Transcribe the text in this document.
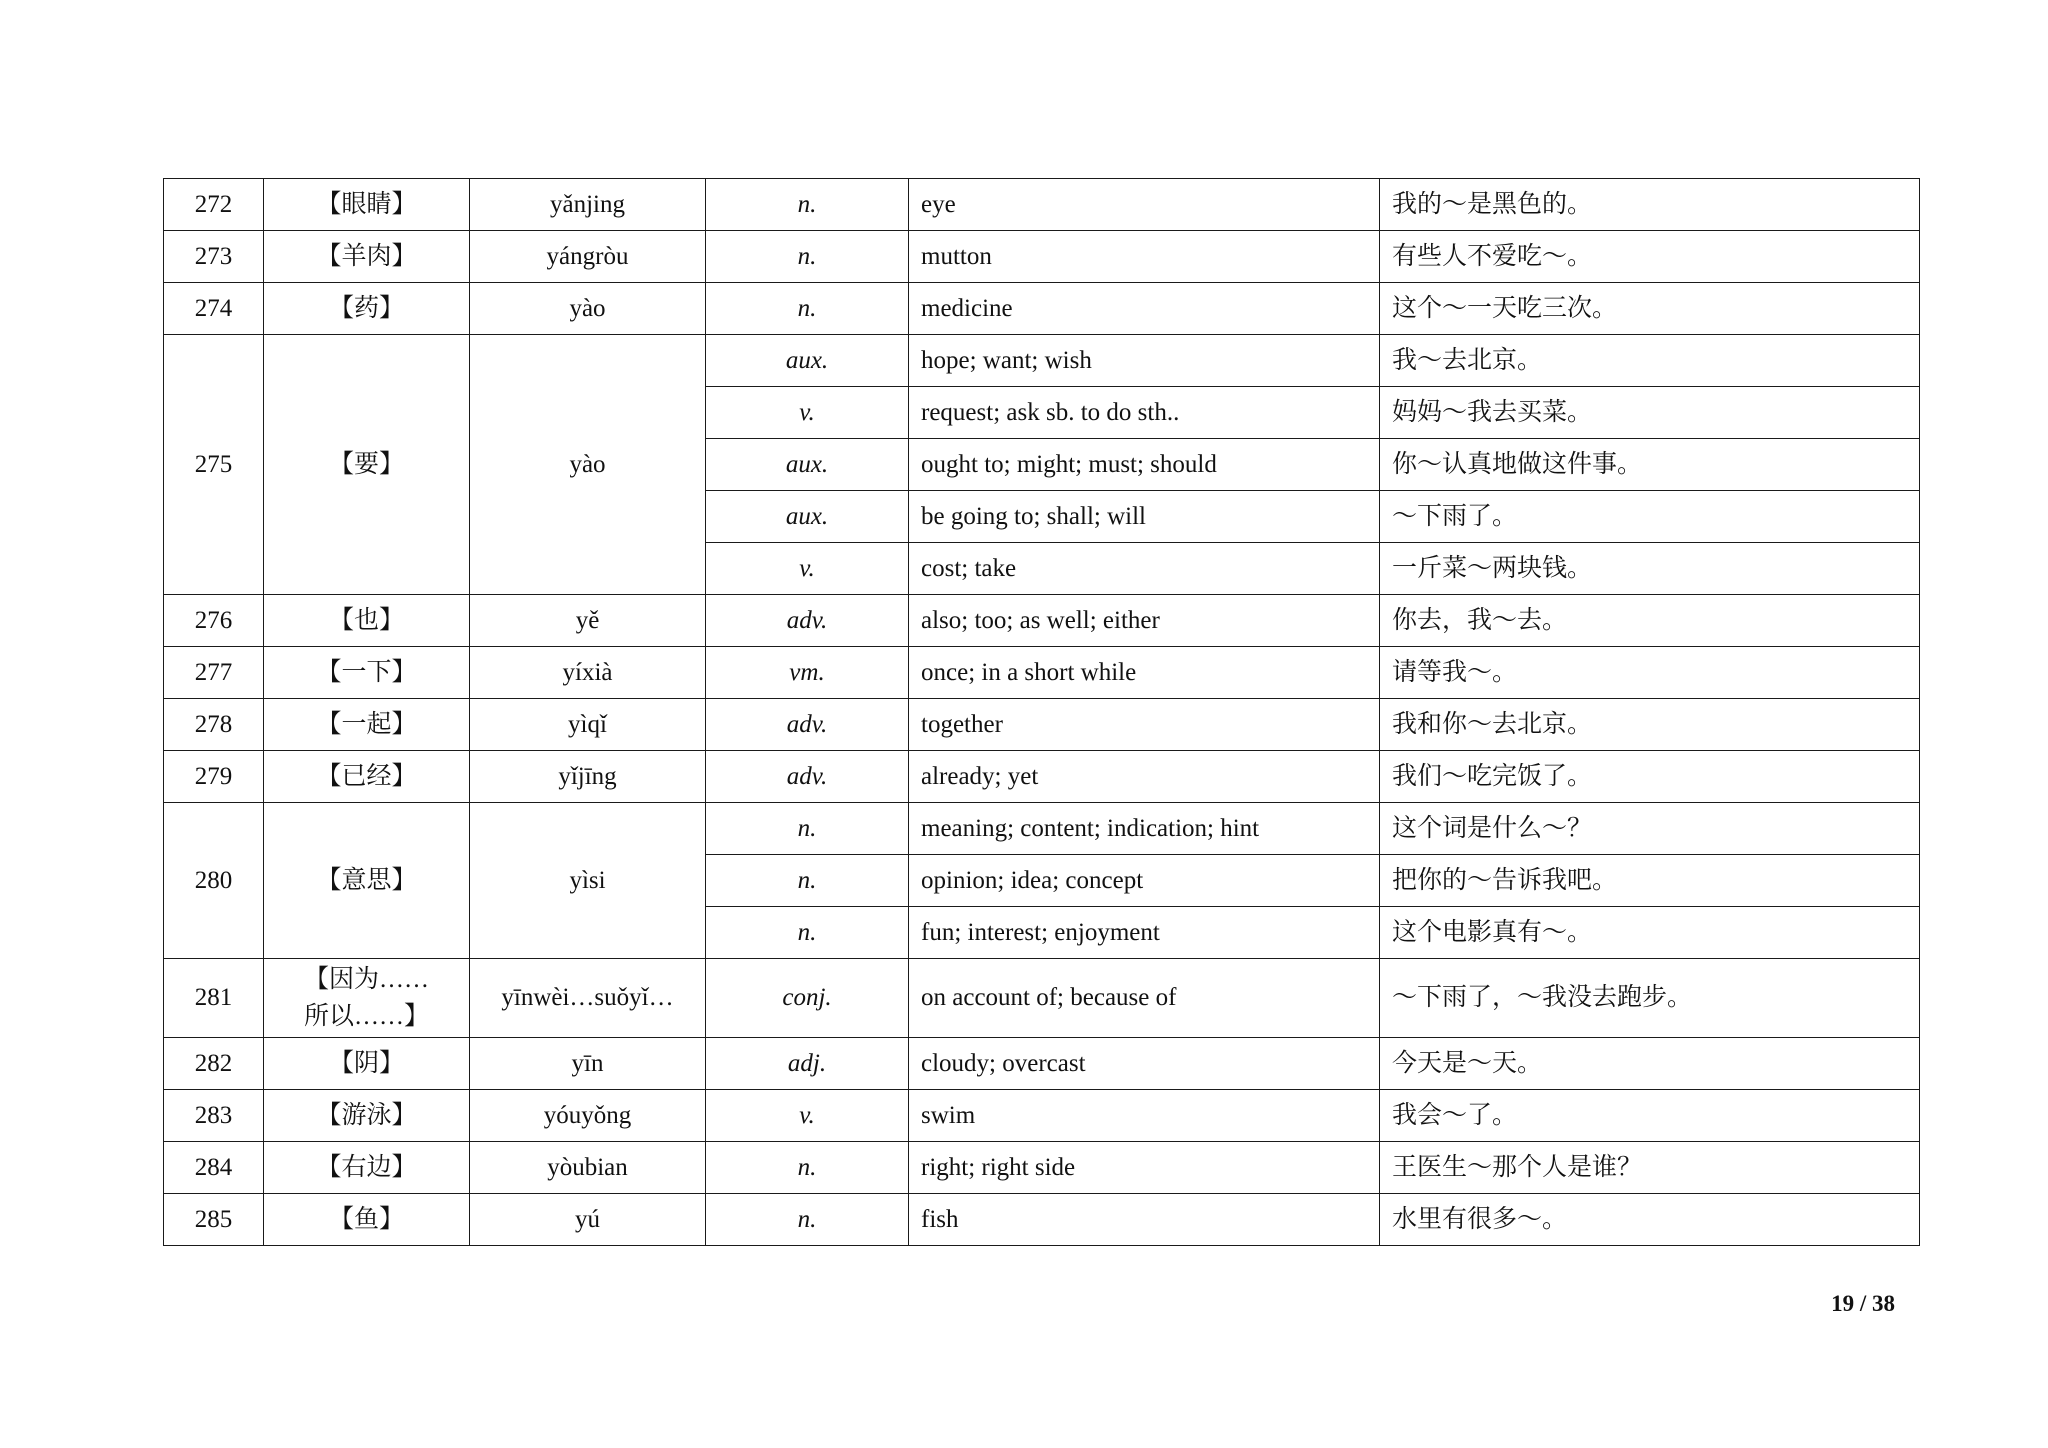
272	【眼睛】	yǎnjing	n.	eye	我的～是黑色的。
273	【羊肉】	yángròu	n.	mutton	有些人不爱吃～。
274	【药】	yào	n.	medicine	这个～一天吃三次。
275	【要】	yào	aux.	hope; want; wish	我～去北京。
			v.	request; ask sb. to do sth..	妈妈～我去买菜。
			aux.	ought to; might; must; should	你～认真地做这件事。
			aux.	be going to; shall; will	～下雨了。
			v.	cost; take	一斤菜～两块钱。
276	【也】	yě	adv.	also; too; as well; either	你去，我～去。
277	【一下】	yíxià	vm.	once; in a short while	请等我～。
278	【一起】	yìqǐ	adv.	together	我和你～去北京。
279	【已经】	yǐjīng	adv.	already; yet	我们～吃完饭了。
280	【意思】	yìsi	n.	meaning; content; indication; hint	这个词是什么～？
			n.	opinion; idea; concept	把你的～告诉我吧。
			n.	fun; interest; enjoyment	这个电影真有～。
281	【因为……
所以……】	yīnwèi…suǒyǐ…	conj.	on account of; because of	～下雨了，～我没去跑步。
282	【阴】	yīn	adj.	cloudy; overcast	今天是～天。
283	【游泳】	yóuyǒng	v.	swim	我会～了。
284	【右边】	yòubian	n.	right; right side	王医生～那个人是谁？
285	【鱼】	yú	n.	fish	水里有很多～。
19 / 38
